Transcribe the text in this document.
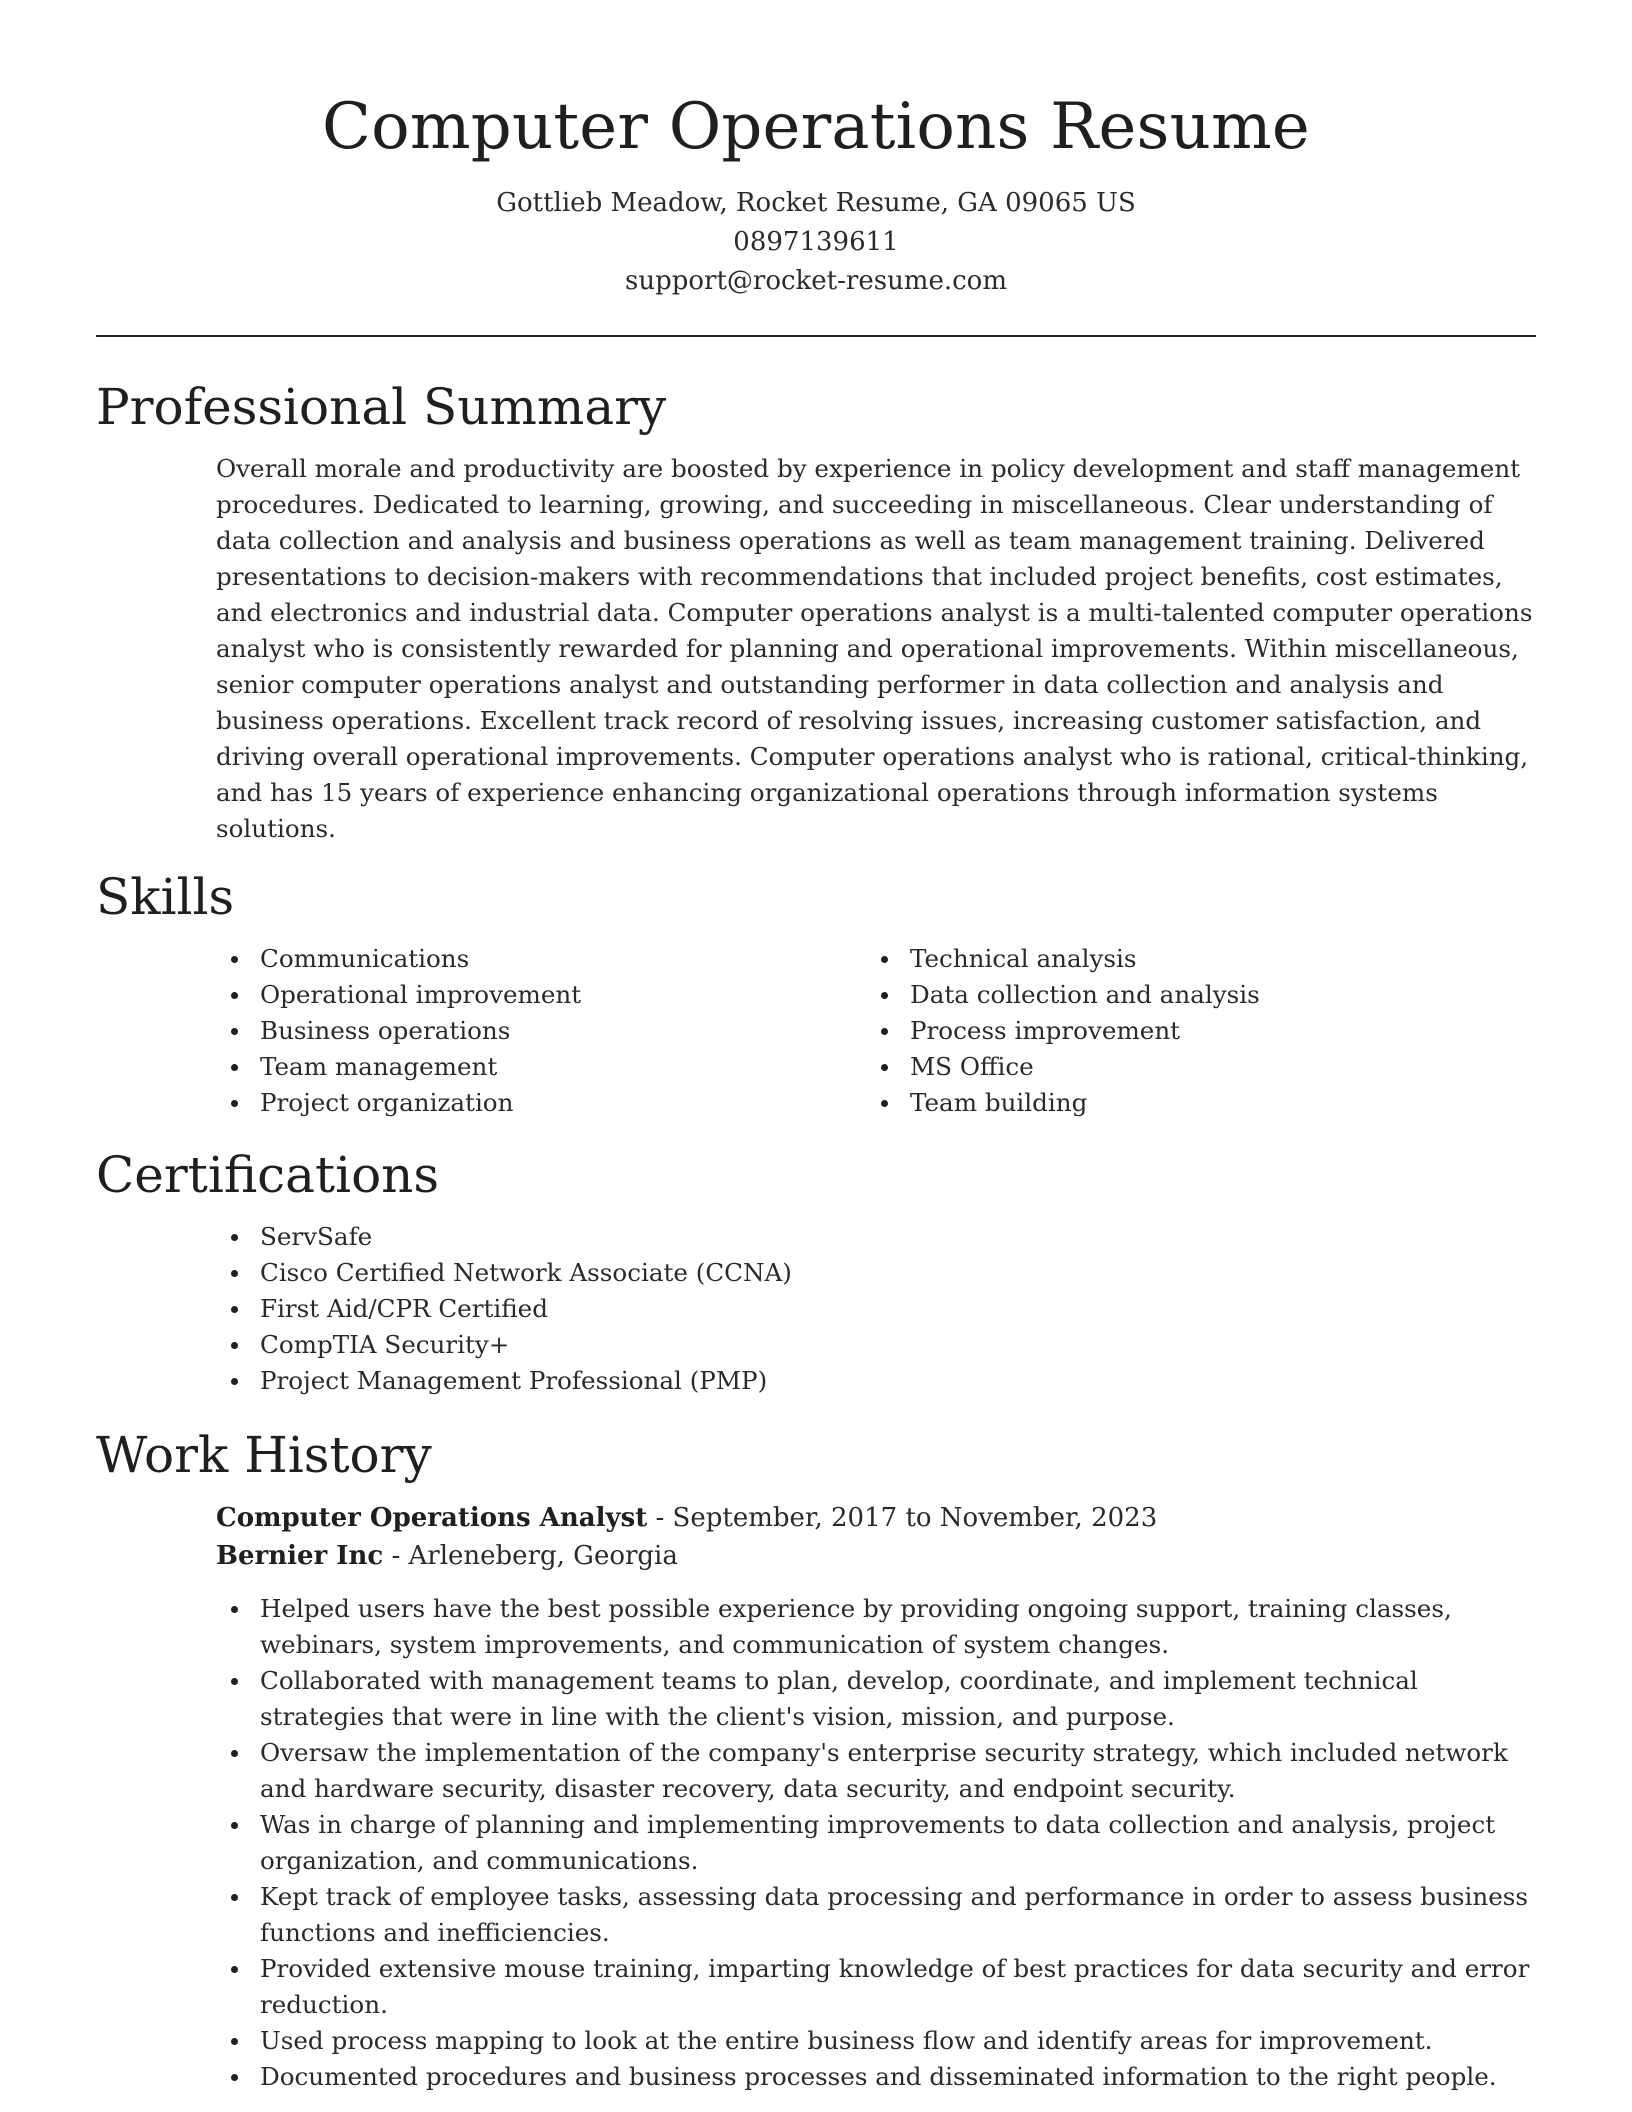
Computer Operations Resume
Gottlieb Meadow, Rocket Resume, GA 09065 US
0897139611
support@rocket-resume.com
Professional Summary

Overall morale and productivity are boosted by experience in policy development and staff management procedures. Dedicated to learning, growing, and succeeding in miscellaneous. Clear understanding of data collection and analysis and business operations as well as team management training. Delivered presentations to decision-makers with recommendations that included project benefits, cost estimates, and electronics and industrial data. Computer operations analyst is a multi-talented computer operations analyst who is consistently rewarded for planning and operational improvements. Within miscellaneous, senior computer operations analyst and outstanding performer in data collection and analysis and business operations. Excellent track record of resolving issues, increasing customer satisfaction, and driving overall operational improvements. Computer operations analyst who is rational, critical-thinking, and has 15 years of experience enhancing organizational operations through information systems solutions.

Skills
Communications
Operational improvement
Business operations
Team management
Project organization
Technical analysis
Data collection and analysis
Process improvement
MS Office
Team building
Certifications
ServSafe
Cisco Certified Network Associate (CCNA)
First Aid/CPR Certified
CompTIA Security+
Project Management Professional (PMP)
Work History
Computer Operations Analyst - September, 2017 to November, 2023
Bernier Inc - Arleneberg, Georgia
Helped users have the best possible experience by providing ongoing support, training classes, webinars, system improvements, and communication of system changes.
Collaborated with management teams to plan, develop, coordinate, and implement technical strategies that were in line with the client's vision, mission, and purpose.
Oversaw the implementation of the company's enterprise security strategy, which included network and hardware security, disaster recovery, data security, and endpoint security.
Was in charge of planning and implementing improvements to data collection and analysis, project organization, and communications.
Kept track of employee tasks, assessing data processing and performance in order to assess business functions and inefficiencies.
Provided extensive mouse training, imparting knowledge of best practices for data security and error reduction.
Used process mapping to look at the entire business flow and identify areas for improvement.
Documented procedures and business processes and disseminated information to the right people.
